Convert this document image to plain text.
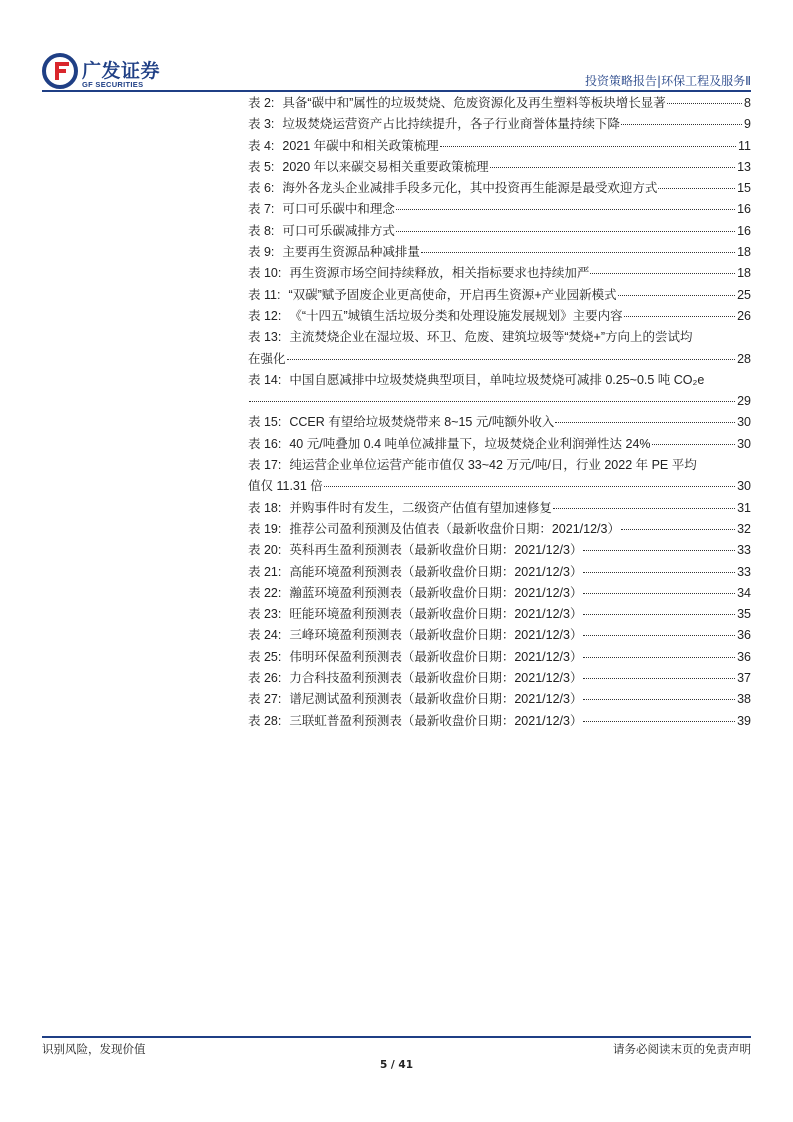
广发证券
GF SECURITIES	投资策略报告|环保工程及服务Ⅱ
表 2: 具备“碳中和”属性的垃圾焚烧、危废资源化及再生塑料等板块增长显著	8
表 3: 垃圾焚烧运营资产占比持续提升，各子行业商誉体量持续下降	9
表 4: 2021 年碳中和相关政策梳理	11
表 5: 2020 年以来碳交易相关重要政策梳理	13
表 6: 海外各龙头企业减排手段多元化，其中投资再生能源是最受欢迎方式	15
表 7: 可口可乐碳中和理念	16
表 8: 可口可乐碳减排方式	16
表 9: 主要再生资源品种减排量	18
表 10: 再生资源市场空间持续释放，相关指标要求也持续加严	18
表 11: “双碳”赋予固废企业更高使命，开启再生资源+产业园新模式	25
表 12: 《“十四五”城镇生活垃圾分类和处理设施发展规划》主要内容	26
表 13: 主流焚烧企业在湿垃圾、环卫、危废、建筑垃圾等“焚烧+”方向上的尝试均
在强化	28
表 14: 中国自愿减排中垃圾焚烧典型项目，单吨垃圾焚烧可减排 0.25~0.5 吨 CO₂e
29
表 15: CCER 有望给垃圾焚烧带来 8~15 元/吨额外收入	30
表 16: 40 元/吨叠加 0.4 吨单位减排量下，垃圾焚烧企业利润弹性达 24%	30
表 17: 纯运营企业单位运营产能市值仅 33~42 万元/吨/日，行业 2022 年 PE 平均
值仅 11.31 倍	30
表 18: 并购事件时有发生，二级资产估值有望加速修复	31
表 19: 推荐公司盈利预测及估值表（最新收盘价日期：2021/12/3）	32
表 20: 英科再生盈利预测表（最新收盘价日期：2021/12/3）	33
表 21: 高能环境盈利预测表（最新收盘价日期：2021/12/3）	33
表 22: 瀚蓝环境盈利预测表（最新收盘价日期：2021/12/3）	34
表 23: 旺能环境盈利预测表（最新收盘价日期：2021/12/3）	35
表 24: 三峰环境盈利预测表（最新收盘价日期：2021/12/3）	36
表 25: 伟明环保盈利预测表（最新收盘价日期：2021/12/3）	36
表 26: 力合科技盈利预测表（最新收盘价日期：2021/12/3）	37
表 27: 谱尼测试盈利预测表（最新收盘价日期：2021/12/3）	38
表 28: 三联虹普盈利预测表（最新收盘价日期：2021/12/3）	39
识别风险，发现价值	请务必阅读末页的免责声明
5 / 41
